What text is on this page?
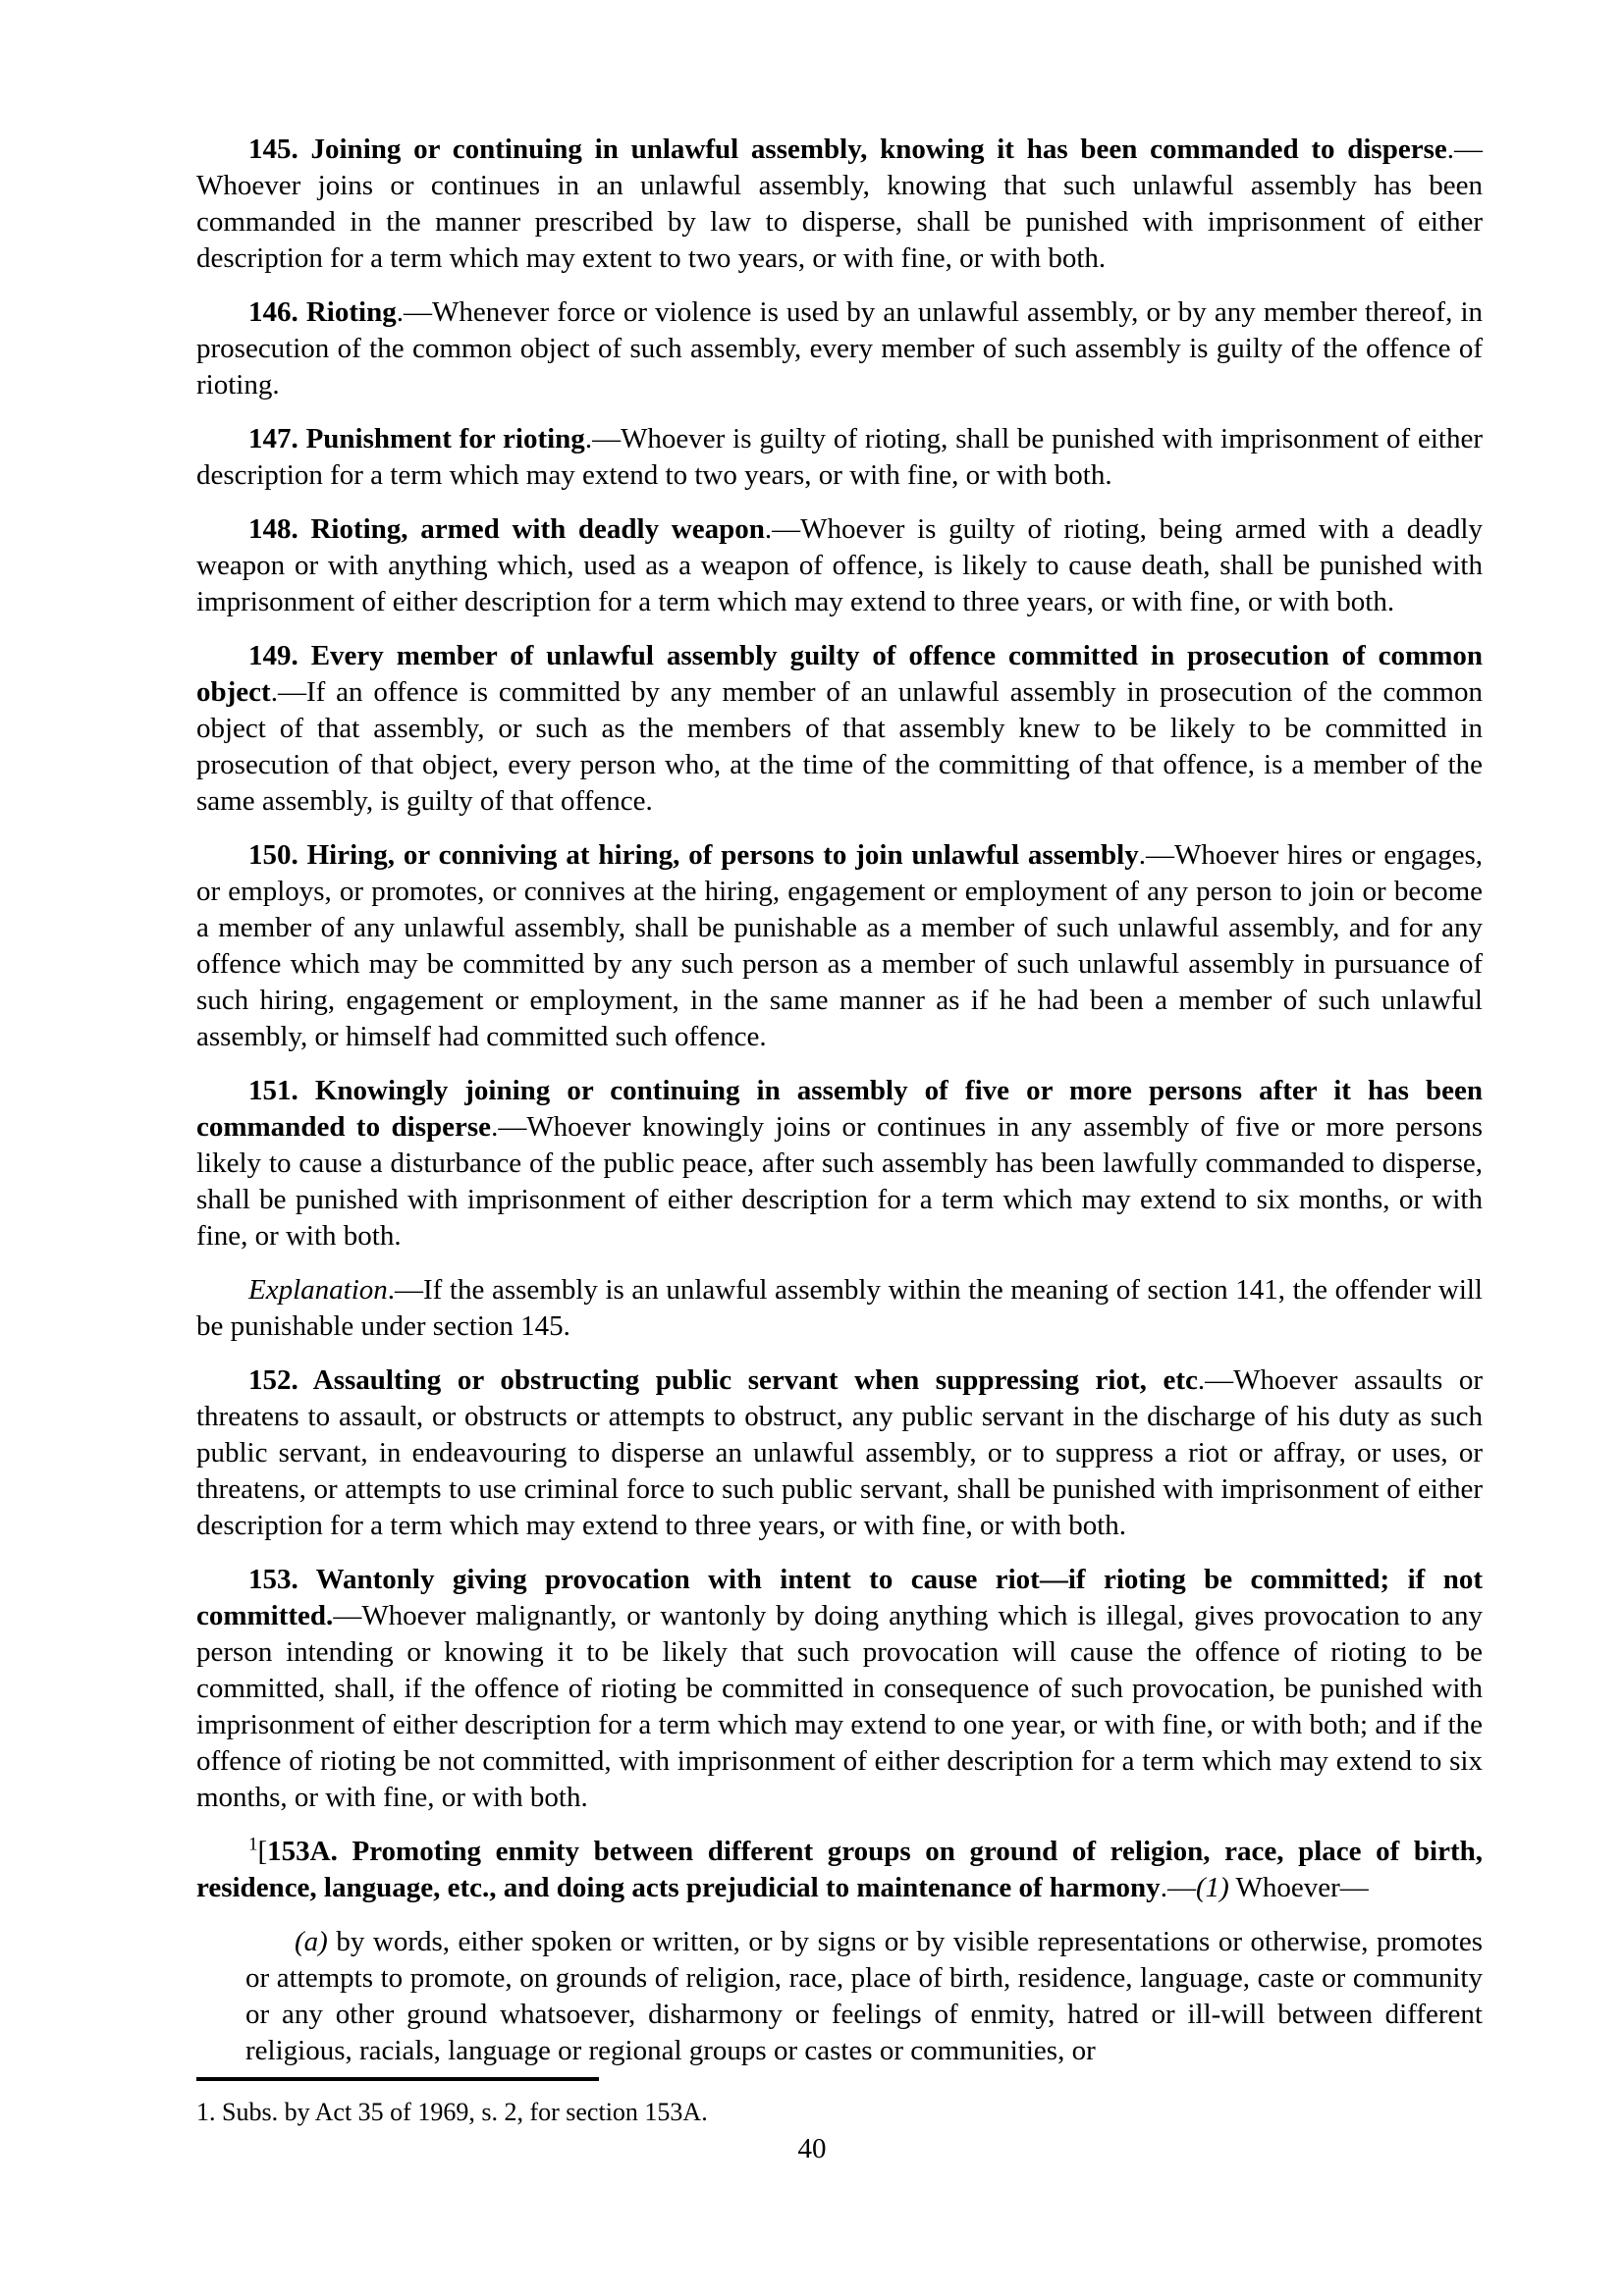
145. Joining or continuing in unlawful assembly, knowing it has been commanded to disperse.—Whoever joins or continues in an unlawful assembly, knowing that such unlawful assembly has been commanded in the manner prescribed by law to disperse, shall be punished with imprisonment of either description for a term which may extent to two years, or with fine, or with both.

146. Rioting.—Whenever force or violence is used by an unlawful assembly, or by any member thereof, in prosecution of the common object of such assembly, every member of such assembly is guilty of the offence of rioting.

147. Punishment for rioting.—Whoever is guilty of rioting, shall be punished with imprisonment of either description for a term which may extend to two years, or with fine, or with both.

148. Rioting, armed with deadly weapon.—Whoever is guilty of rioting, being armed with a deadly weapon or with anything which, used as a weapon of offence, is likely to cause death, shall be punished with imprisonment of either description for a term which may extend to three years, or with fine, or with both.

149. Every member of unlawful assembly guilty of offence committed in prosecution of common object.—If an offence is committed by any member of an unlawful assembly in prosecution of the common object of that assembly, or such as the members of that assembly knew to be likely to be committed in prosecution of that object, every person who, at the time of the committing of that offence, is a member of the same assembly, is guilty of that offence.

150. Hiring, or conniving at hiring, of persons to join unlawful assembly.—Whoever hires or engages, or employs, or promotes, or connives at the hiring, engagement or employment of any person to join or become a member of any unlawful assembly, shall be punishable as a member of such unlawful assembly, and for any offence which may be committed by any such person as a member of such unlawful assembly in pursuance of such hiring, engagement or employment, in the same manner as if he had been a member of such unlawful assembly, or himself had committed such offence.

151. Knowingly joining or continuing in assembly of five or more persons after it has been commanded to disperse.—Whoever knowingly joins or continues in any assembly of five or more persons likely to cause a disturbance of the public peace, after such assembly has been lawfully commanded to disperse, shall be punished with imprisonment of either description for a term which may extend to six months, or with fine, or with both.

Explanation.—If the assembly is an unlawful assembly within the meaning of section 141, the offender will be punishable under section 145.

152. Assaulting or obstructing public servant when suppressing riot, etc.—Whoever assaults or threatens to assault, or obstructs or attempts to obstruct, any public servant in the discharge of his duty as such public servant, in endeavouring to disperse an unlawful assembly, or to suppress a riot or affray, or uses, or threatens, or attempts to use criminal force to such public servant, shall be punished with imprisonment of either description for a term which may extend to three years, or with fine, or with both.

153. Wantonly giving provocation with intent to cause riot—if rioting be committed; if not committed.—Whoever malignantly, or wantonly by doing anything which is illegal, gives provocation to any person intending or knowing it to be likely that such provocation will cause the offence of rioting to be committed, shall, if the offence of rioting be committed in consequence of such provocation, be punished with imprisonment of either description for a term which may extend to one year, or with fine, or with both; and if the offence of rioting be not committed, with imprisonment of either description for a term which may extend to six months, or with fine, or with both.

$^1$[153A. Promoting enmity between different groups on ground of religion, race, place of birth, residence, language, etc., and doing acts prejudicial to maintenance of harmony.—(1) Whoever—

(a) by words, either spoken or written, or by signs or by visible representations or otherwise, promotes or attempts to promote, on grounds of religion, race, place of birth, residence, language, caste or community or any other ground whatsoever, disharmony or feelings of enmity, hatred or ill-will between different religious, racials, language or regional groups or castes or communities, or

1. Subs. by Act 35 of 1969, s. 2, for section 153A.
40
